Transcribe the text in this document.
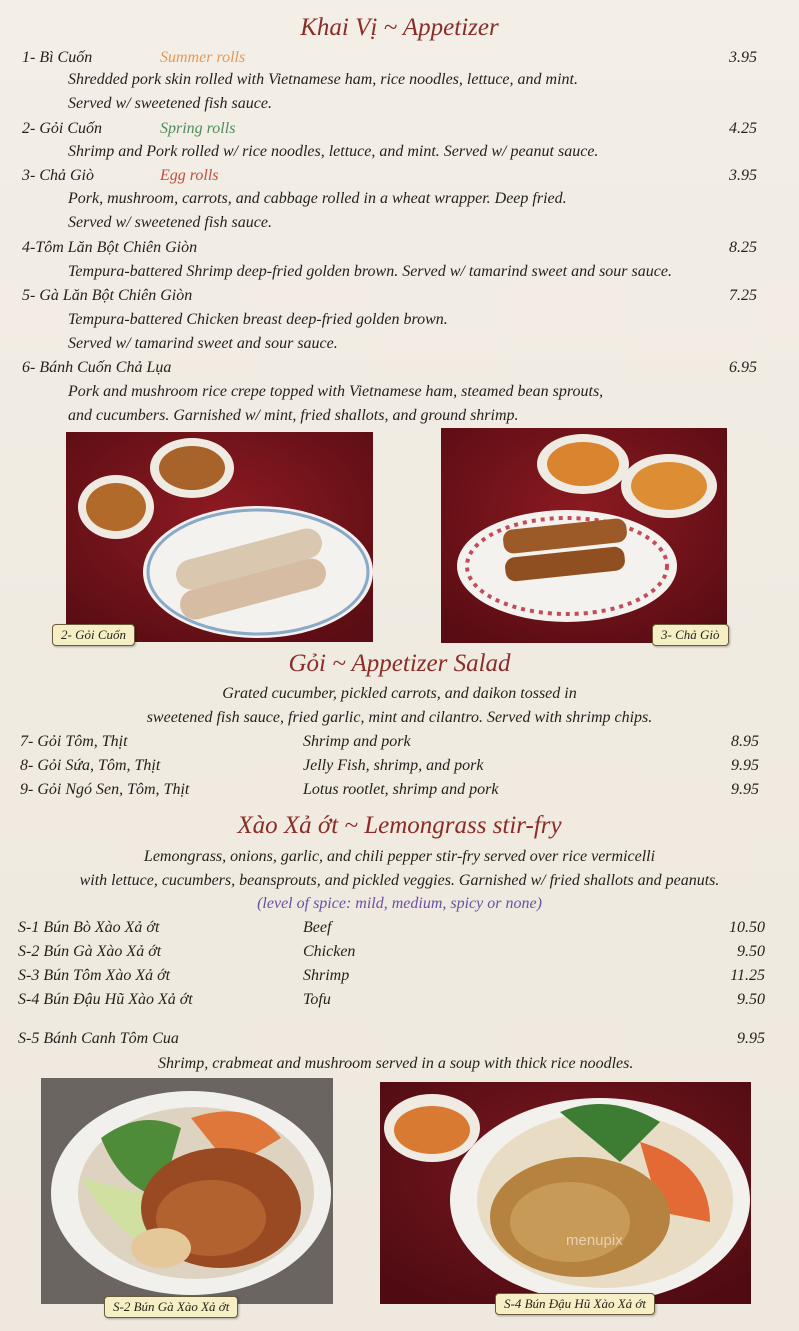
Khai Vị ~ Appetizer
1- Bì Cuốn	Summer rolls	3.95
Shredded pork skin rolled with Vietnamese ham, rice noodles, lettuce, and mint.
Served w/ sweetened fish sauce.
2- Gỏi Cuốn	Spring rolls	4.25
Shrimp and Pork rolled w/ rice noodles, lettuce, and mint. Served w/ peanut sauce.
3- Chả Giò	Egg rolls	3.95
Pork, mushroom, carrots, and cabbage rolled in a wheat wrapper. Deep fried.
Served w/ sweetened fish sauce.
4-Tôm Lăn Bột Chiên Giòn	8.25
Tempura-battered Shrimp deep-fried golden brown. Served w/ tamarind sweet and sour sauce.
5- Gà Lăn Bột Chiên Giòn	7.25
Tempura-battered Chicken breast deep-fried golden brown.
Served w/ tamarind sweet and sour sauce.
6- Bánh Cuốn Chả Lụa	6.95
Pork and mushroom rice crepe topped with Vietnamese ham, steamed bean sprouts,
and cucumbers. Garnished w/ mint, fried shallots, and ground shrimp.
2- Gỏi Cuốn	3- Chả Giò
Gỏi ~ Appetizer Salad
Grated cucumber, pickled carrots, and daikon tossed in
sweetened fish sauce, fried garlic, mint and cilantro. Served with shrimp chips.
7- Gỏi Tôm, Thịt	Shrimp and pork	8.95
8- Gỏi Sứa, Tôm, Thịt	Jelly Fish, shrimp, and pork	9.95
9- Gỏi Ngó Sen, Tôm, Thịt	Lotus rootlet, shrimp and pork	9.95
Xào Xả ớt ~ Lemongrass stir-fry
Lemongrass, onions, garlic, and chili pepper stir-fry served over rice vermicelli
with lettuce, cucumbers, beansprouts, and pickled veggies. Garnished w/ fried shallots and peanuts.
(level of spice: mild, medium, spicy or none)
S-1 Bún Bò Xào Xả ớt	Beef	10.50
S-2 Bún Gà Xào Xả ớt	Chicken	9.50
S-3 Bún Tôm Xào Xả ớt	Shrimp	11.25
S-4 Bún Đậu Hũ Xào Xả ớt	Tofu	9.50
S-5 Bánh Canh Tôm Cua	9.95
Shrimp, crabmeat and mushroom served in a soup with thick rice noodles.
S-2 Bún Gà Xào Xả ớt
menupix
S-4 Bún Đậu Hũ Xào Xả ớt
